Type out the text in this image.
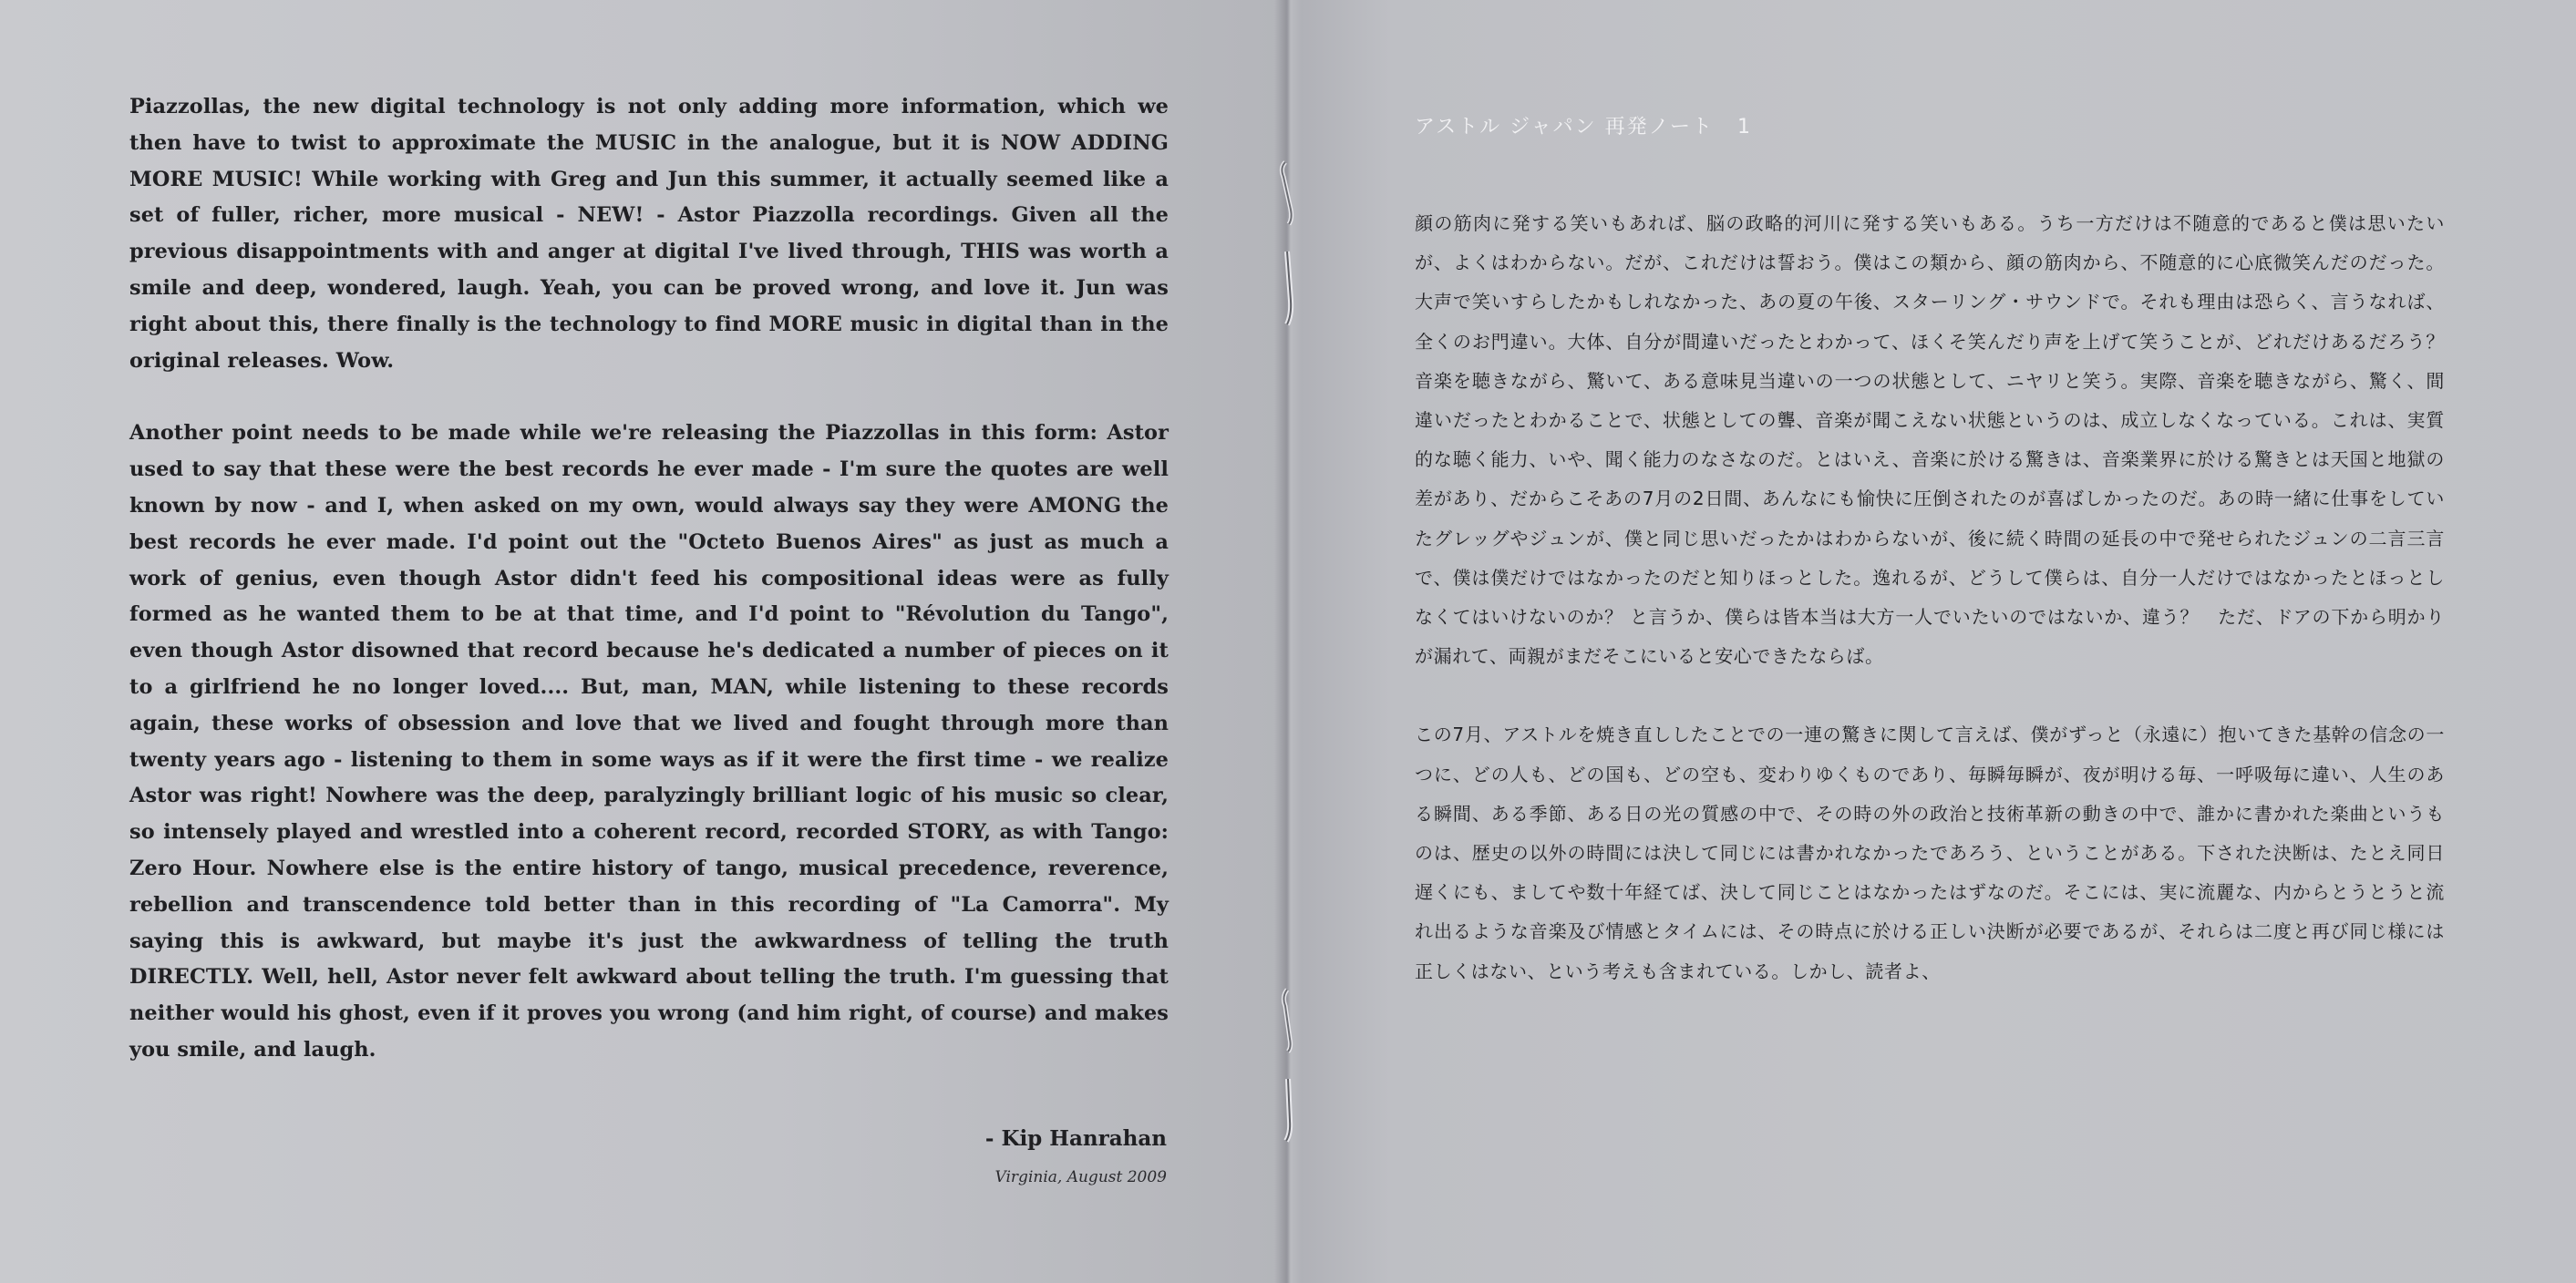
Piazzollas, the new digital technology is not only adding more information, which we then have to twist to approximate the MUSIC in the analogue, but it is NOW ADDING MORE MUSIC! While working with Greg and Jun this summer, it actually seemed like a set of fuller, richer, more musical - NEW! - Astor Piazzolla recordings. Given all the previous disappointments with and anger at digital I've lived through, THIS was worth a smile and deep, wondered, laugh. Yeah, you can be proved wrong, and love it. Jun was right about this, there finally is the technology to find MORE music in digital than in the original releases. Wow.

Another point needs to be made while we're releasing the Piazzollas in this form: Astor used to say that these were the best records he ever made - I'm sure the quotes are well known by now - and I, when asked on my own, would always say they were AMONG the best records he ever made. I'd point out the "Octeto Buenos Aires" as just as much a work of genius, even though Astor didn't feed his compositional ideas were as fully formed as he wanted them to be at that time, and I'd point to "Révolution du Tango", even though Astor disowned that record because he's dedicated a number of pieces on it to a girlfriend he no longer loved.... But, man, MAN, while listening to these records again, these works of obsession and love that we lived and fought through more than twenty years ago - listening to them in some ways as if it were the first time - we realize Astor was right! Nowhere was the deep, paralyzingly brilliant logic of his music so clear, so intensely played and wrestled into a coherent record, recorded STORY, as with Tango: Zero Hour. Nowhere else is the entire history of tango, musical precedence, reverence, rebellion and transcendence told better than in this recording of "La Camorra". My saying this is awkward, but maybe it's just the awkwardness of telling the truth DIRECTLY. Well, hell, Astor never felt awkward about telling the truth. I'm guessing that neither would his ghost, even if it proves you wrong (and him right, of course) and makes you smile, and laugh.

- Kip Hanrahan
Virginia, August 2009
アストル ジャパン 再発ノート 1

顔の筋肉に発する笑いもあれば、脳の政略的河川に発する笑いもある。うち一方だけは不随意的であると僕は思いたいが、よくはわからない。だが、これだけは誓おう。僕はこの類から、顔の筋肉から、不随意的に心底微笑んだのだった。大声で笑いすらしたかもしれなかった、あの夏の午後、スターリング・サウンドで。それも理由は恐らく、言うなれば、全くのお門違い。大体、自分が間違いだったとわかって、ほくそ笑んだり声を上げて笑うことが、どれだけあるだろう？　音楽を聴きながら、驚いて、ある意味見当違いの一つの状態として、ニヤリと笑う。実際、音楽を聴きながら、驚く、間違いだったとわかることで、状態としての聾、音楽が聞こえない状態というのは、成立しなくなっている。これは、実質的な聴く能力、いや、聞く能力のなさなのだ。とはいえ、音楽に於ける驚きは、音楽業界に於ける驚きとは天国と地獄の差があり、だからこそあの7月の2日間、あんなにも愉快に圧倒されたのが喜ばしかったのだ。あの時一緒に仕事をしていたグレッグやジュンが、僕と同じ思いだったかはわからないが、後に続く時間の延長の中で発せられたジュンの二言三言で、僕は僕だけではなかったのだと知りほっとした。逸れるが、どうして僕らは、自分一人だけではなかったとほっとしなくてはいけないのか？ と言うか、僕らは皆本当は大方一人でいたいのではないか、違う？　ただ、ドアの下から明かりが漏れて、両親がまだそこにいると安心できたならば。

この7月、アストルを焼き直ししたことでの一連の驚きに関して言えば、僕がずっと（永遠に）抱いてきた基幹の信念の一つに、どの人も、どの国も、どの空も、変わりゆくものであり、毎瞬毎瞬が、夜が明ける毎、一呼吸毎に違い、人生のある瞬間、ある季節、ある日の光の質感の中で、その時の外の政治と技術革新の動きの中で、誰かに書かれた楽曲というものは、歴史の以外の時間には決して同じには書かれなかったであろう、ということがある。下された決断は、たとえ同日遅くにも、ましてや数十年経てば、決して同じことはなかったはずなのだ。そこには、実に流麗な、内からとうとうと流れ出るような音楽及び情感とタイムには、その時点に於ける正しい決断が必要であるが、それらは二度と再び同じ様には正しくはない、という考えも含まれている。しかし、読者よ、
